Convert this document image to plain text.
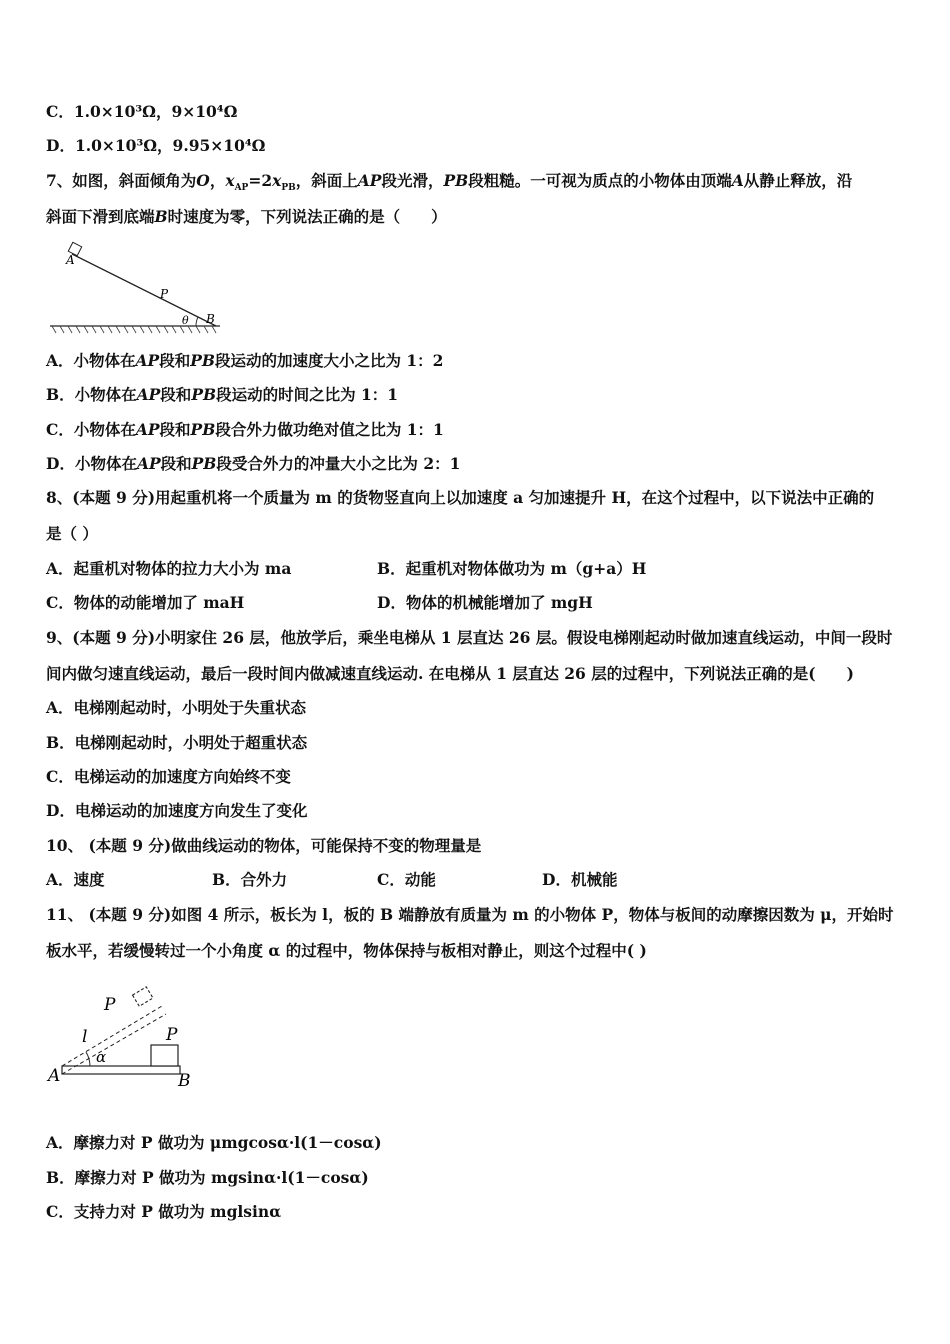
C．1.0×10³Ω，9×10⁴Ω
D．1.0×10³Ω，9.95×10⁴Ω
7、如图，斜面倾角为O，$x_{AP}=2x_{PB}$，斜面上AP段光滑，PB段粗糙。一可视为质点的小物体由顶端A从静止释放，沿
斜面下滑到底端B时速度为零，下列说法正确的是（　　）
A
P
θ B
A．小物体在AP段和PB段运动的加速度大小之比为 1：2
B．小物体在AP段和PB段运动的时间之比为 1：1
C．小物体在AP段和PB段合外力做功绝对值之比为 1：1
D．小物体在AP段和PB段受合外力的冲量大小之比为 2：1
8、(本题 9 分)用起重机将一个质量为 m 的货物竖直向上以加速度 a 匀加速提升 H，在这个过程中，以下说法中正确的
是（ ）
A．起重机对物体的拉力大小为 ma	B．起重机对物体做功为 m（g+a）H
C．物体的动能增加了 maH	D．物体的机械能增加了 mgH
9、(本题 9 分)小明家住 26 层，他放学后，乘坐电梯从 1 层直达 26 层。假设电梯刚起动时做加速直线运动，中间一段时
间内做匀速直线运动，最后一段时间内做减速直线运动. 在电梯从 1 层直达 26 层的过程中，下列说法正确的是(　　)
A．电梯刚起动时，小明处于失重状态
B．电梯刚起动时，小明处于超重状态
C．电梯运动的加速度方向始终不变
D．电梯运动的加速度方向发生了变化
10、 (本题 9 分)做曲线运动的物体，可能保持不变的物理量是
A．速度	B．合外力	C．动能	D．机械能
11、 (本题 9 分)如图 4 所示，板长为 l，板的 B 端静放有质量为 m 的小物体 P，物体与板间的动摩擦因数为 μ，开始时
板水平，若缓慢转过一个小角度 α 的过程中，物体保持与板相对静止，则这个过程中( )
P
l
α
P
A	B
A．摩擦力对 P 做功为 μmgcosα·l(1－cosα)
B．摩擦力对 P 做功为 mgsinα·l(1－cosα)
C．支持力对 P 做功为 mglsinα
